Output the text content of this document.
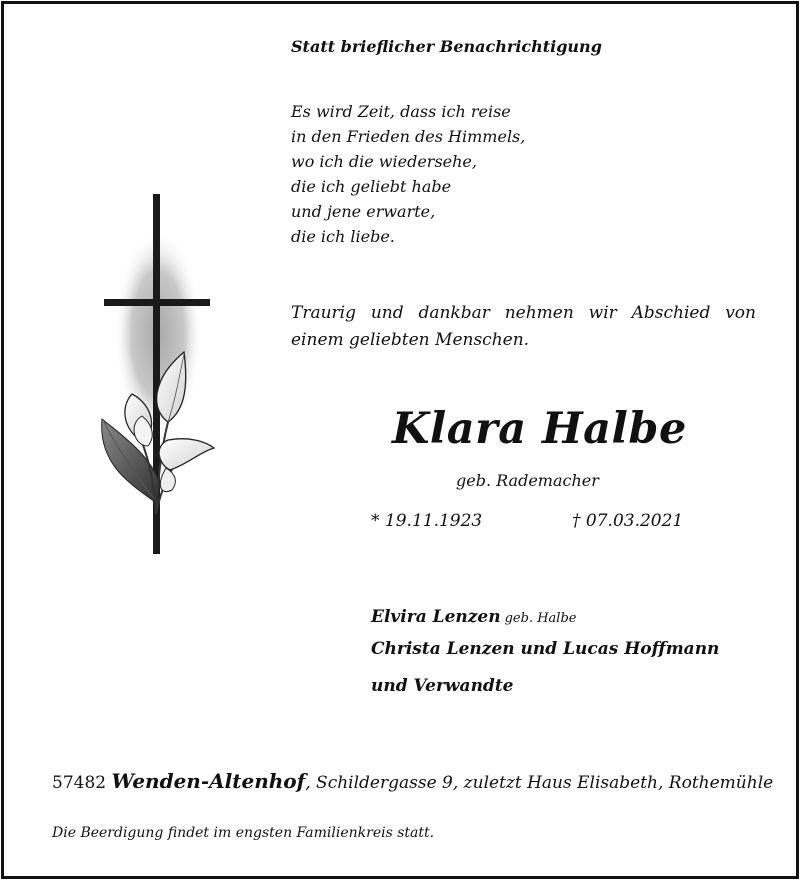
Statt brieflicher Benachrichtigung

Es wird Zeit, dass ich reise
in den Frieden des Himmels,
wo ich die wiedersehe,
die ich geliebt habe
und jene erwarte,
die ich liebe.

Traurig und dankbar nehmen wir Abschied von einem geliebten Menschen.

Klara Halbe

geb. Rademacher

* 19.11.1923	† 07.03.2021

Elvira Lenzen geb. Halbe

Christa Lenzen und Lucas Hoffmann

und Verwandte

57482 Wenden-Altenhof, Schildergasse 9, zuletzt Haus Elisabeth, Rothemühle

Die Beerdigung findet im engsten Familienkreis statt.
